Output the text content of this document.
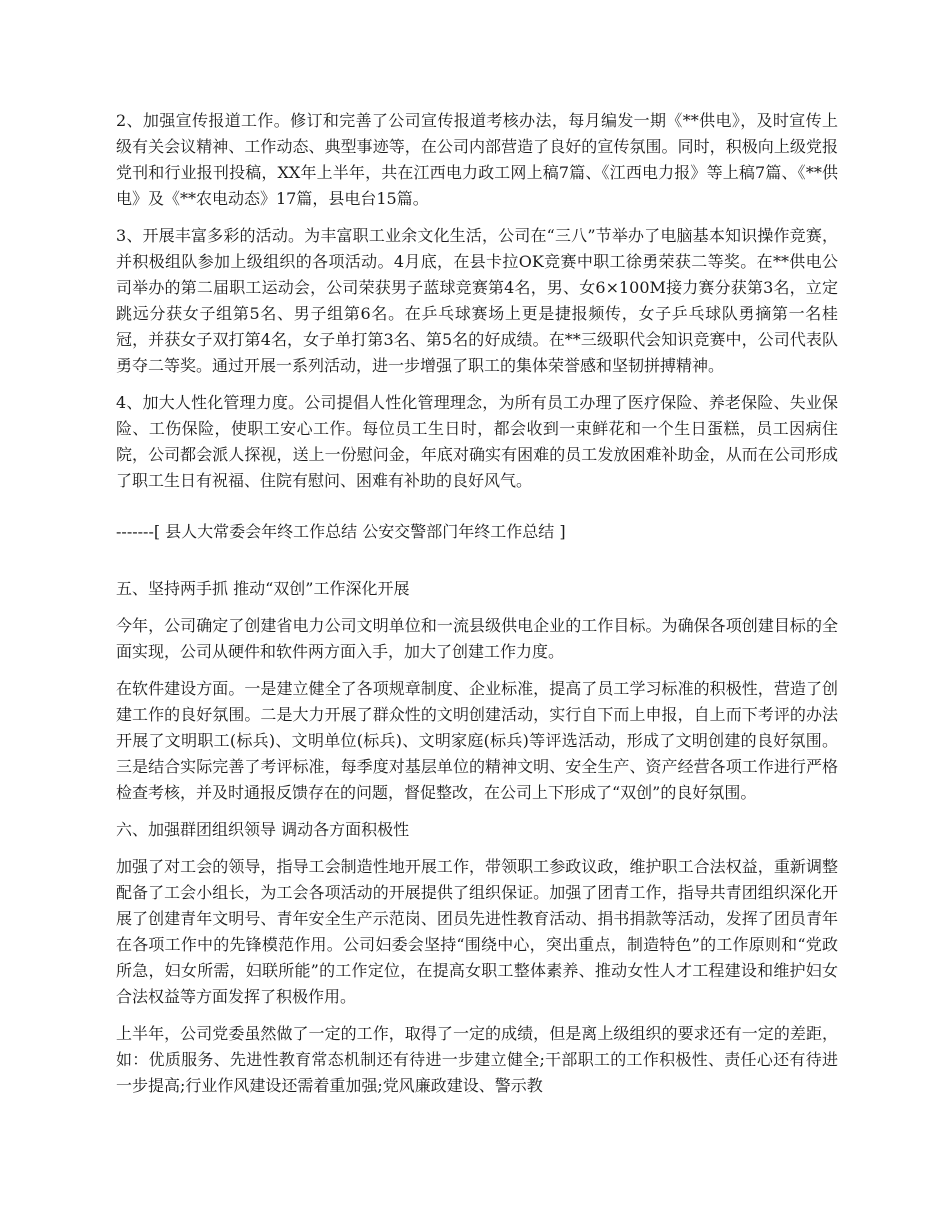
2、加强宣传报道工作。修订和完善了公司宣传报道考核办法，每月编发一期《**供电》，及时宣传上级有关会议精神、工作动态、典型事迹等，在公司内部营造了良好的宣传氛围。同时，积极向上级党报党刊和行业报刊投稿，XX年上半年，共在江西电力政工网上稿7篇、《江西电力报》等上稿7篇、《**供电》及《**农电动态》17篇，县电台15篇。

3、开展丰富多彩的活动。为丰富职工业余文化生活，公司在“三八”节举办了电脑基本知识操作竞赛，并积极组队参加上级组织的各项活动。4月底，在县卡拉OK竞赛中职工徐勇荣获二等奖。在**供电公司举办的第二届职工运动会，公司荣获男子蓝球竞赛第4名，男、女6×100M接力赛分获第3名，立定跳远分获女子组第5名、男子组第6名。在乒乓球赛场上更是捷报频传，女子乒乓球队勇摘第一名桂冠，并获女子双打第4名，女子单打第3名、第5名的好成绩。在**三级职代会知识竞赛中，公司代表队勇夺二等奖。通过开展一系列活动，进一步增强了职工的集体荣誉感和坚韧拼搏精神。

4、加大人性化管理力度。公司提倡人性化管理理念，为所有员工办理了医疗保险、养老保险、失业保险、工伤保险，使职工安心工作。每位员工生日时，都会收到一束鲜花和一个生日蛋糕，员工因病住院，公司都会派人探视，送上一份慰问金，年底对确实有困难的员工发放困难补助金，从而在公司形成了职工生日有祝福、住院有慰问、困难有补助的良好风气。

-------[ 县人大常委会年终工作总结 公安交警部门年终工作总结 ]

五、坚持两手抓 推动“双创”工作深化开展

今年，公司确定了创建省电力公司文明单位和一流县级供电企业的工作目标。为确保各项创建目标的全面实现，公司从硬件和软件两方面入手，加大了创建工作力度。

在软件建设方面。一是建立健全了各项规章制度、企业标准，提高了员工学习标准的积极性，营造了创建工作的良好氛围。二是大力开展了群众性的文明创建活动，实行自下而上申报，自上而下考评的办法开展了文明职工(标兵)、文明单位(标兵)、文明家庭(标兵)等评选活动，形成了文明创建的良好氛围。 三是结合实际完善了考评标准，每季度对基层单位的精神文明、安全生产、资产经营各项工作进行严格检查考核，并及时通报反馈存在的问题，督促整改，在公司上下形成了“双创”的良好氛围。

六、加强群团组织领导 调动各方面积极性

加强了对工会的领导，指导工会制造性地开展工作，带领职工参政议政，维护职工合法权益，重新调整配备了工会小组长，为工会各项活动的开展提供了组织保证。加强了团青工作，指导共青团组织深化开展了创建青年文明号、青年安全生产示范岗、团员先进性教育活动、捐书捐款等活动，发挥了团员青年在各项工作中的先锋模范作用。公司妇委会坚持“围绕中心，突出重点，制造特色”的工作原则和“党政所急，妇女所需，妇联所能”的工作定位，在提高女职工整体素养、推动女性人才工程建设和维护妇女合法权益等方面发挥了积极作用。

上半年，公司党委虽然做了一定的工作，取得了一定的成绩，但是离上级组织的要求还有一定的差距，如：优质服务、先进性教育常态机制还有待进一步建立健全;干部职工的工作积极性、责任心还有待进一步提高;行业作风建设还需着重加强;党风廉政建设、警示教
